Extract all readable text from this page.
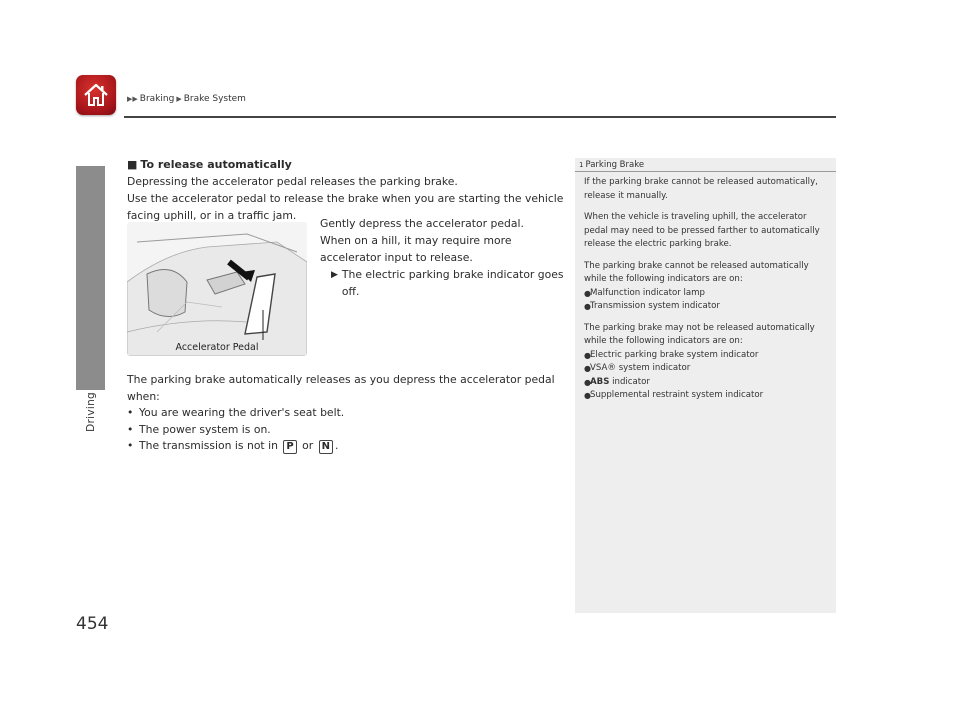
▶▶ Braking ▶ Brake System
Driving
454
■ To release automatically
Depressing the accelerator pedal releases the parking brake.
Use the accelerator pedal to release the brake when you are starting the vehicle facing uphill, or in a traffic jam.
Accelerator Pedal
Gently depress the accelerator pedal.
When on a hill, it may require more
accelerator input to release.
▶ The electric parking brake indicator goes off.
The parking brake automatically releases as you depress the accelerator pedal when:
• You are wearing the driver's seat belt.
• The power system is on.
• The transmission is not in P or N .
1 Parking Brake

If the parking brake cannot be released automatically, release it manually.

When the vehicle is traveling uphill, the accelerator pedal may need to be pressed farther to automatically release the electric parking brake.

The parking brake cannot be released automatically while the following indicators are on:

● Malfunction indicator lamp
● Transmission system indicator

The parking brake may not be released automatically while the following indicators are on:

● Electric parking brake system indicator
● VSA® system indicator
● ABS indicator
● Supplemental restraint system indicator
